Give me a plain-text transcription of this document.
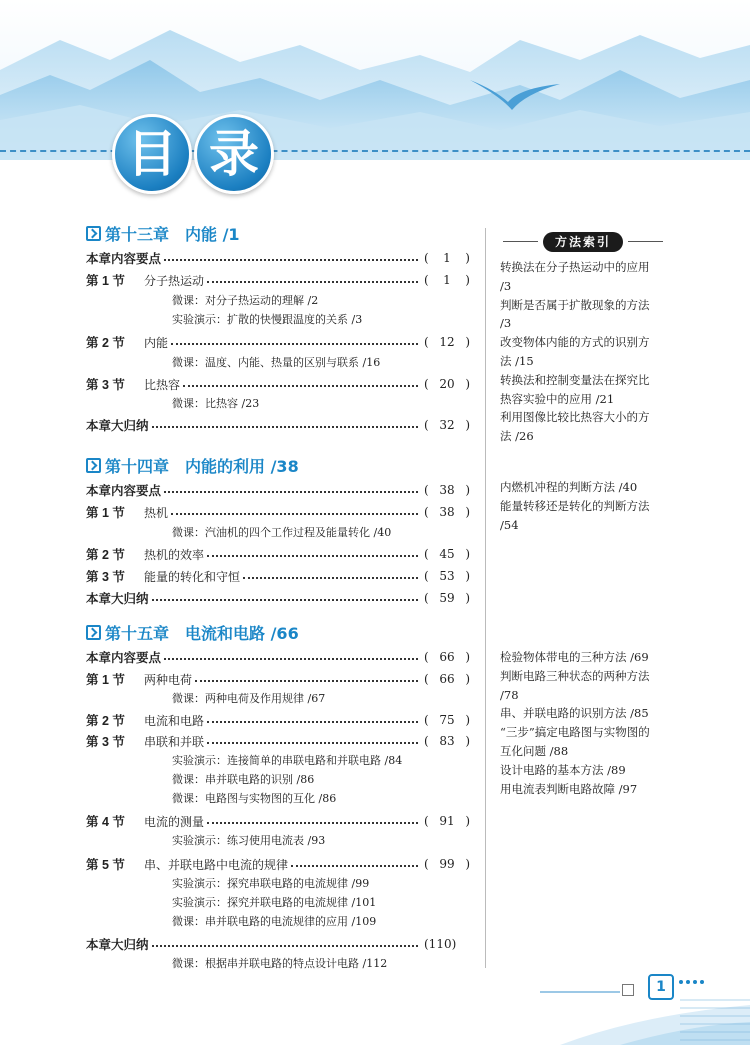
目 录
第十三章 内能 /1
本章内容要点	( 1 )
第 1 节	分子热运动	( 1 )
微课：对分子热运动的理解 /2
实验演示：扩散的快慢跟温度的关系 /3
第 2 节	内能	( 12 )
微课：温度、内能、热量的区别与联系 /16
第 3 节	比热容	( 20 )
微课：比热容 /23
本章大归纳	( 32 )
第十四章 内能的利用 /38
本章内容要点	( 38 )
第 1 节	热机	( 38 )
微课：汽油机的四个工作过程及能量转化 /40
第 2 节	热机的效率	( 45 )
第 3 节	能量的转化和守恒	( 53 )
本章大归纳	( 59 )
第十五章 电流和电路 /66
本章内容要点	( 66 )
第 1 节	两种电荷	( 66 )
微课：两种电荷及作用规律 /67
第 2 节	电流和电路	( 75 )
第 3 节	串联和并联	( 83 )
实验演示：连接简单的串联电路和并联电路 /84
微课：串并联电路的识别 /86
微课：电路图与实物图的互化 /86
第 4 节	电流的测量	( 91 )
实验演示：练习使用电流表 /93
第 5 节	串、并联电路中电流的规律	( 99 )
实验演示：探究串联电路的电流规律 /99
实验演示：探究并联电路的电流规律 /101
微课：串并联电路的电流规律的应用 /109
本章大归纳	(110)
微课：根据串并联电路的特点设计电路 /112
方法索引

转换法在分子热运动中的应用

/3

判断是否属于扩散现象的方法

/3

改变物体内能的方式的识别方

法 /15

转换法和控制变量法在探究比

热容实验中的应用 /21

利用图像比较比热容大小的方

法 /26

内燃机冲程的判断方法 /40

能量转移还是转化的判断方法

/54

检验物体带电的三种方法 /69

判断电路三种状态的两种方法

/78

串、并联电路的识别方法 /85

“三步”搞定电路图与实物图的

互化问题 /88

设计电路的基本方法 /89

用电流表判断电路故障 /97

1
